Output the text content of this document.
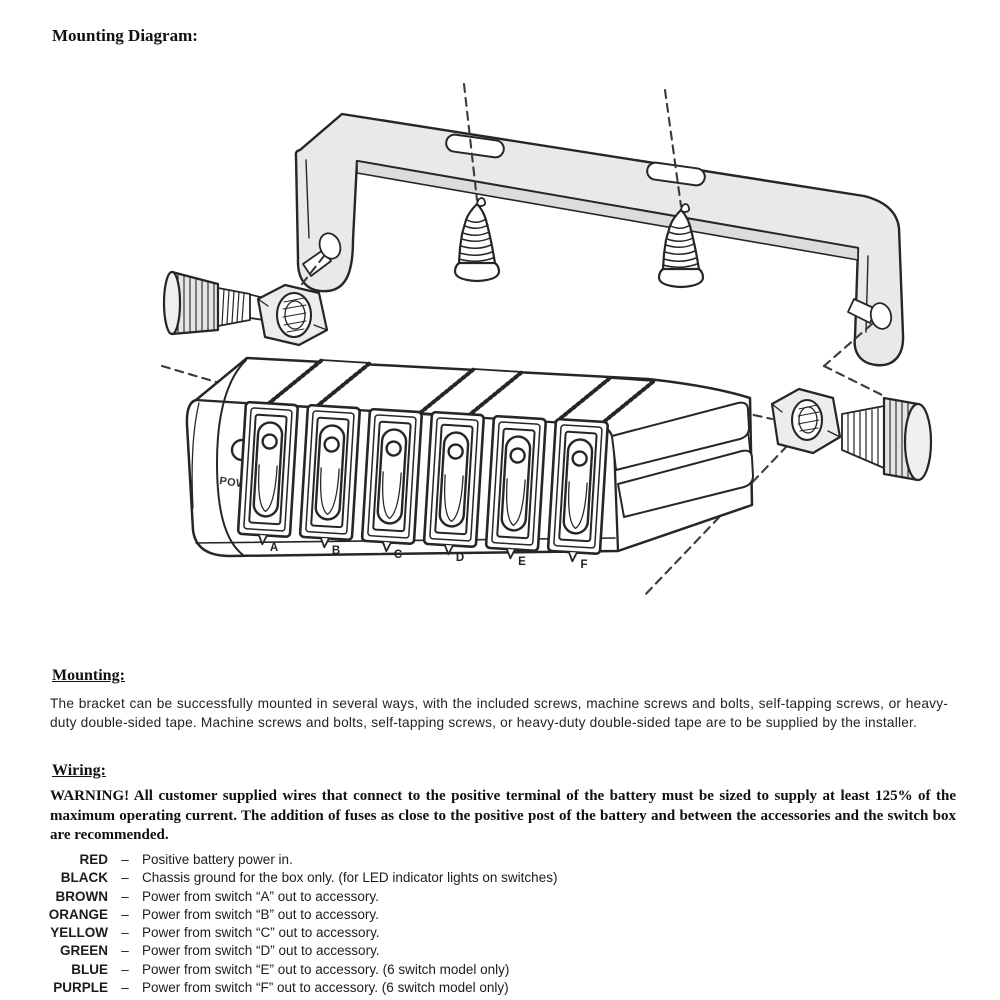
Mounting Diagram:
POWER
A	B	C	D	E	F
Mounting:
The bracket can be successfully mounted in several ways, with the included screws, machine screws and bolts, self-tapping screws, or heavy-duty double-sided tape. Machine screws and bolts, self-tapping screws, or heavy-duty double-sided tape are to be supplied by the installer.
Wiring:
WARNING! All customer supplied wires that connect to the positive terminal of the battery must be sized to supply at least 125% of the maximum operating current. The addition of fuses as close to the positive post of the battery and between the accessories and the switch box are recommended.
RED – Positive battery power in.
BLACK – Chassis ground for the box only. (for LED indicator lights on switches)
BROWN – Power from switch “A” out to accessory.
ORANGE – Power from switch “B” out to accessory.
YELLOW – Power from switch “C” out to accessory.
GREEN – Power from switch “D” out to accessory.
BLUE – Power from switch “E” out to accessory. (6 switch model only)
PURPLE – Power from switch “F” out to accessory. (6 switch model only)
